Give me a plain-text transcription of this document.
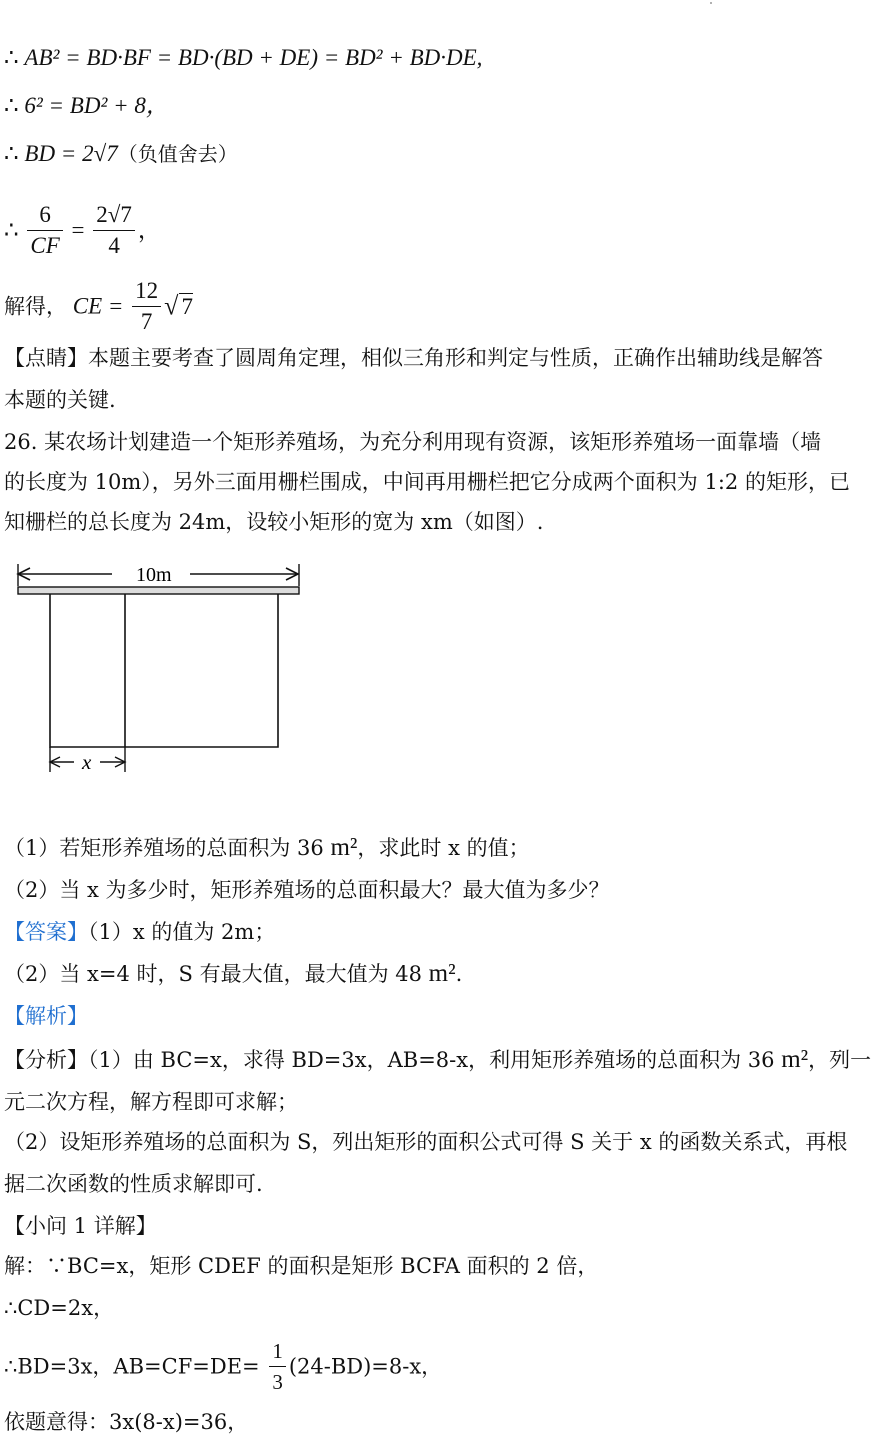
∴ AB² = BD·BF = BD·(BD + DE) = BD² + BD·DE,
∴ 6² = BD² + 8，
∴ BD = 2√7（负值舍去）
∴ $\frac{6}{CF} = \frac{2√7}{4}$ ，
解得， CE = $\frac{12}{7}$ √ 7
【点睛】本题主要考查了圆周角定理，相似三角形和判定与性质，正确作出辅助线是解答
本题的关键.
26. 某农场计划建造一个矩形养殖场，为充分利用现有资源，该矩形养殖场一面靠墙（墙
的长度为 10m），另外三面用栅栏围成，中间再用栅栏把它分成两个面积为 1:2 的矩形，已
知栅栏的总长度为 24m，设较小矩形的宽为 xm（如图）.
10m
x
（1）若矩形养殖场的总面积为 36 m²，求此时 x 的值；
（2）当 x 为多少时，矩形养殖场的总面积最大？最大值为多少？
【答案】（1）x 的值为 2m；
（2）当 x=4 时，S 有最大值，最大值为 48 m².
【解析】
【分析】（1）由 BC=x，求得 BD=3x，AB=8-x，利用矩形养殖场的总面积为 36 m²，列一
元二次方程，解方程即可求解；
（2）设矩形养殖场的总面积为 S，列出矩形的面积公式可得 S 关于 x 的函数关系式，再根
据二次函数的性质求解即可.
【小问 1 详解】
解：∵BC=x，矩形 CDEF 的面积是矩形 BCFA 面积的 2 倍，
∴CD=2x，
∴BD=3x，$AB=CF=DE= \frac{1}{3} (24-BD)=8-x$，
依题意得：3x(8-x)=36，
